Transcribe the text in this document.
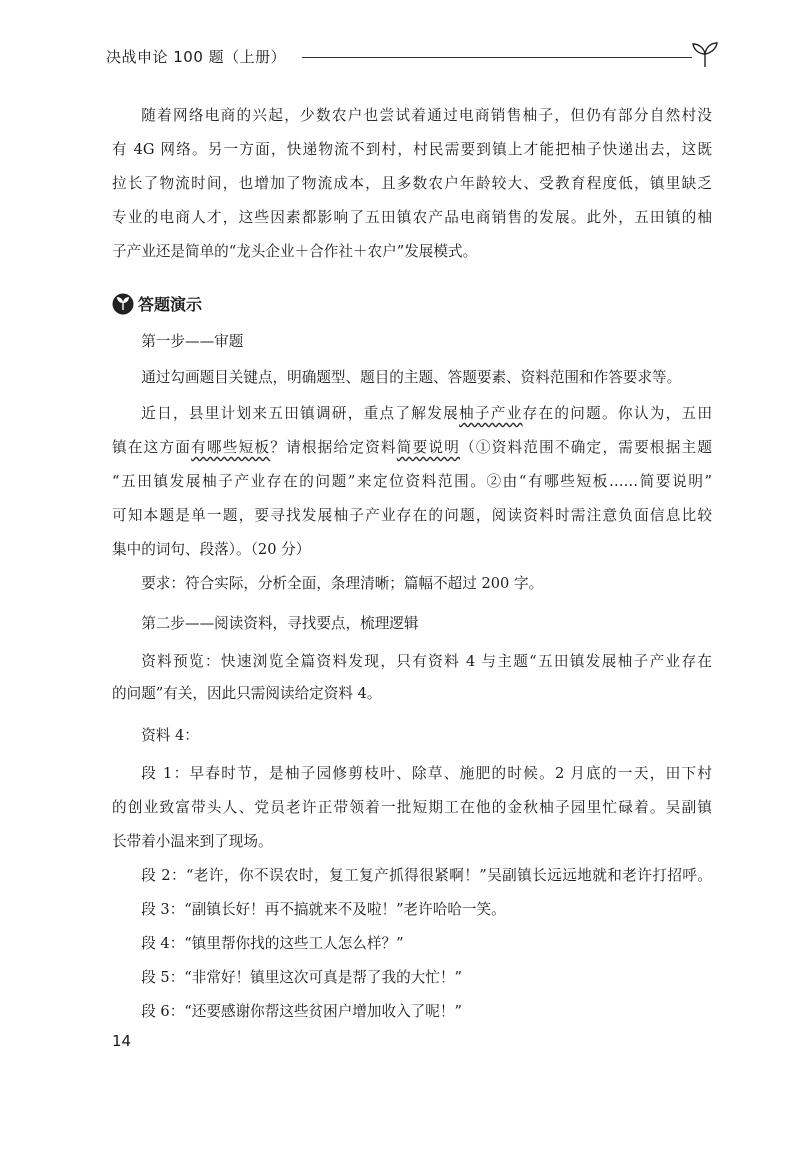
决战申论 100 题（上册）
随着网络电商的兴起，少数农户也尝试着通过电商销售柚子，但仍有部分自然村没
有 4G 网络。另一方面，快递物流不到村，村民需要到镇上才能把柚子快递出去，这既
拉长了物流时间，也增加了物流成本，且多数农户年龄较大、受教育程度低，镇里缺乏
专业的电商人才，这些因素都影响了五田镇农产品电商销售的发展。此外，五田镇的柚
子产业还是简单的“龙头企业＋合作社＋农户”发展模式。
答题演示
第一步——审题
通过勾画题目关键点，明确题型、题目的主题、答题要素、资料范围和作答要求等。
近日，县里计划来五田镇调研，重点了解发展柚子产业存在的问题。你认为，五田
镇在这方面有哪些短板？请根据给定资料简要说明（①资料范围不确定，需要根据主题
“五田镇发展柚子产业存在的问题”来定位资料范围。②由“有哪些短板……简要说明”
可知本题是单一题，要寻找发展柚子产业存在的问题，阅读资料时需注意负面信息比较
集中的词句、段落）。（20 分）
要求：符合实际，分析全面，条理清晰；篇幅不超过 200 字。
第二步——阅读资料，寻找要点，梳理逻辑
资料预览：快速浏览全篇资料发现，只有资料 4 与主题“五田镇发展柚子产业存在
的问题”有关，因此只需阅读给定资料 4。
资料 4：
段 1：早春时节，是柚子园修剪枝叶、除草、施肥的时候。2 月底的一天，田下村
的创业致富带头人、党员老许正带领着一批短期工在他的金秋柚子园里忙碌着。吴副镇
长带着小温来到了现场。
段 2：“老许，你不误农时，复工复产抓得很紧啊！”吴副镇长远远地就和老许打招呼。
段 3：“副镇长好！再不搞就来不及啦！”老许哈哈一笑。
段 4：“镇里帮你找的这些工人怎么样？”
段 5：“非常好！镇里这次可真是帮了我的大忙！”
段 6：“还要感谢你帮这些贫困户增加收入了呢！”
14
